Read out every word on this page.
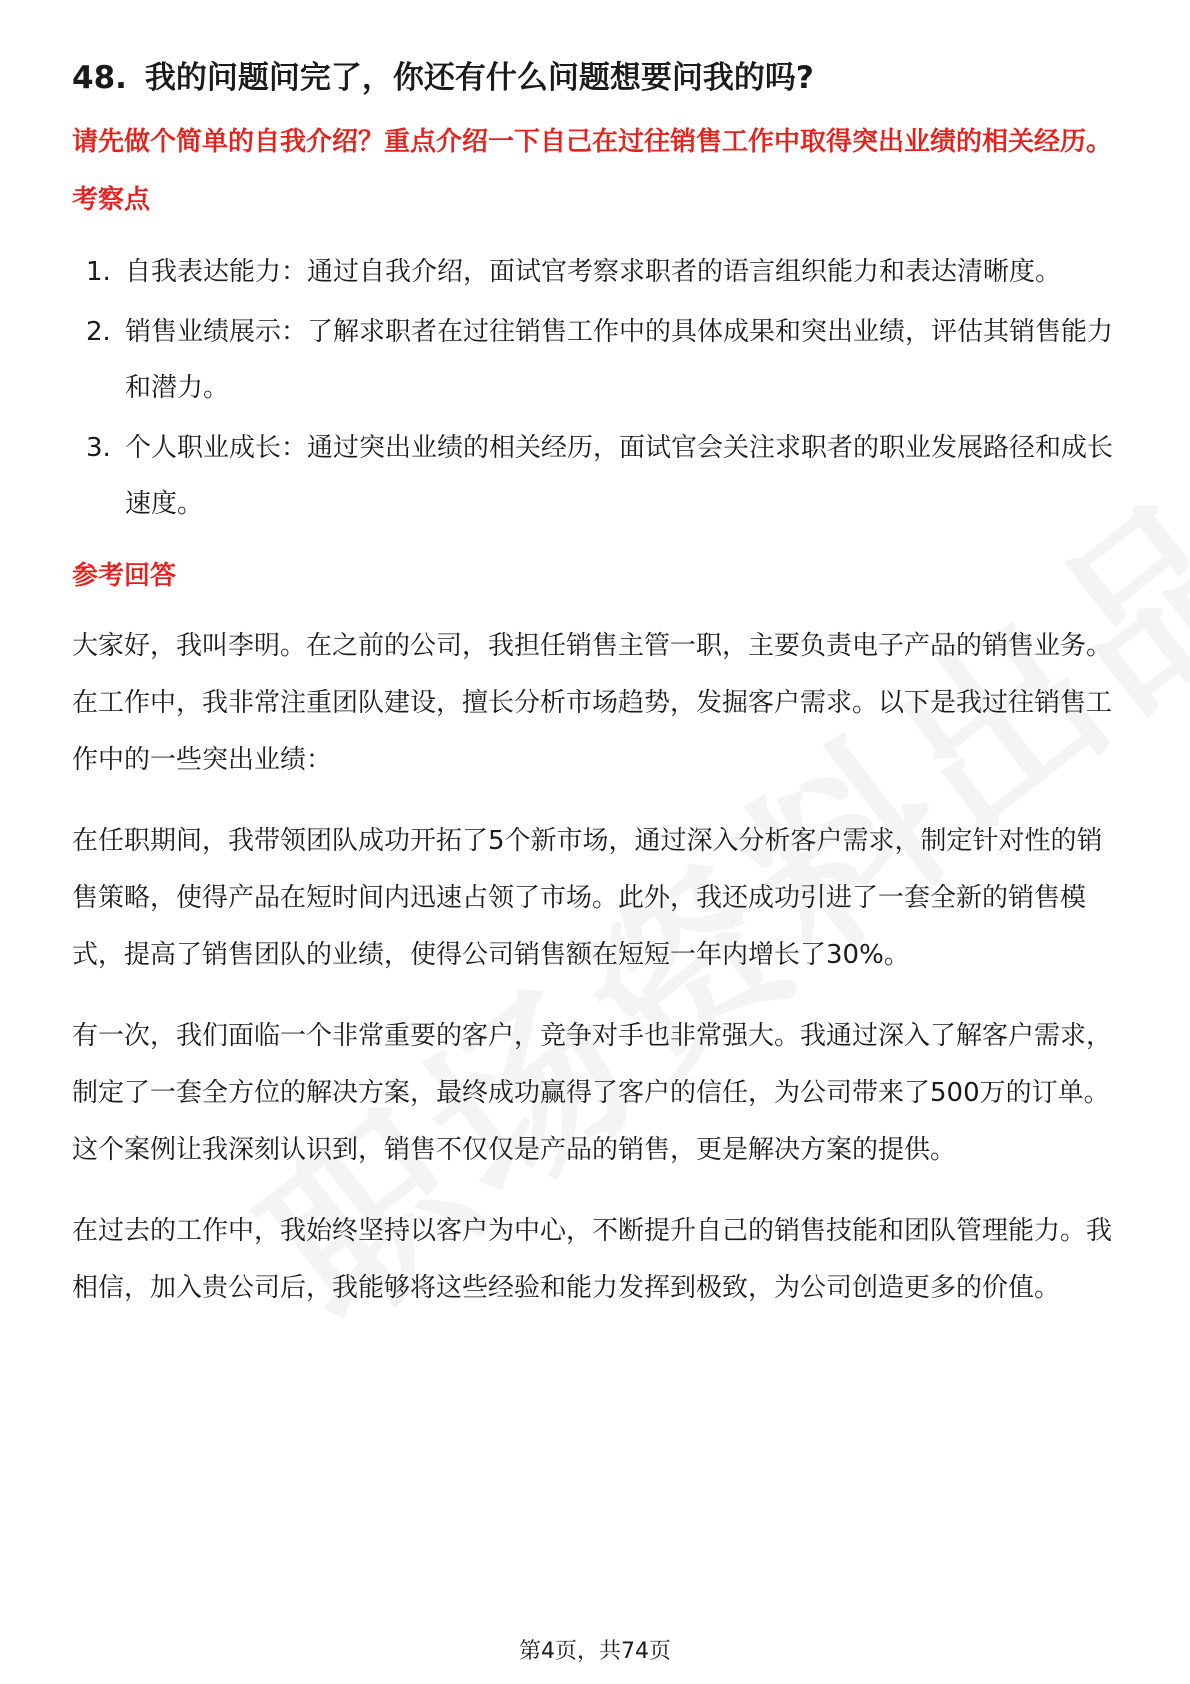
48. 我的问题问完了，你还有什么问题想要问我的吗?

请先做个简单的自我介绍？重点介绍一下自己在过往销售工作中取得突出业绩的相关经历。

考察点
1. 自我表达能力：通过自我介绍，面试官考察求职者的语言组织能力和表达清晰度。
2. 销售业绩展示：了解求职者在过往销售工作中的具体成果和突出业绩，评估其销售能力和潜力。
3. 个人职业成长：通过突出业绩的相关经历，面试官会关注求职者的职业发展路径和成长速度。
参考回答

大家好，我叫李明。在之前的公司，我担任销售主管一职，主要负责电子产品的销售业务。在工作中，我非常注重团队建设，擅长分析市场趋势，发掘客户需求。以下是我过往销售工作中的一些突出业绩：

在任职期间，我带领团队成功开拓了5个新市场，通过深入分析客户需求，制定针对性的销售策略，使得产品在短时间内迅速占领了市场。此外，我还成功引进了一套全新的销售模式，提高了销售团队的业绩，使得公司销售额在短短一年内增长了30%。

有一次，我们面临一个非常重要的客户，竞争对手也非常强大。我通过深入了解客户需求，制定了一套全方位的解决方案，最终成功赢得了客户的信任，为公司带来了500万的订单。这个案例让我深刻认识到，销售不仅仅是产品的销售，更是解决方案的提供。

在过去的工作中，我始终坚持以客户为中心，不断提升自己的销售技能和团队管理能力。我相信，加入贵公司后，我能够将这些经验和能力发挥到极致，为公司创造更多的价值。

第4页，共74页
